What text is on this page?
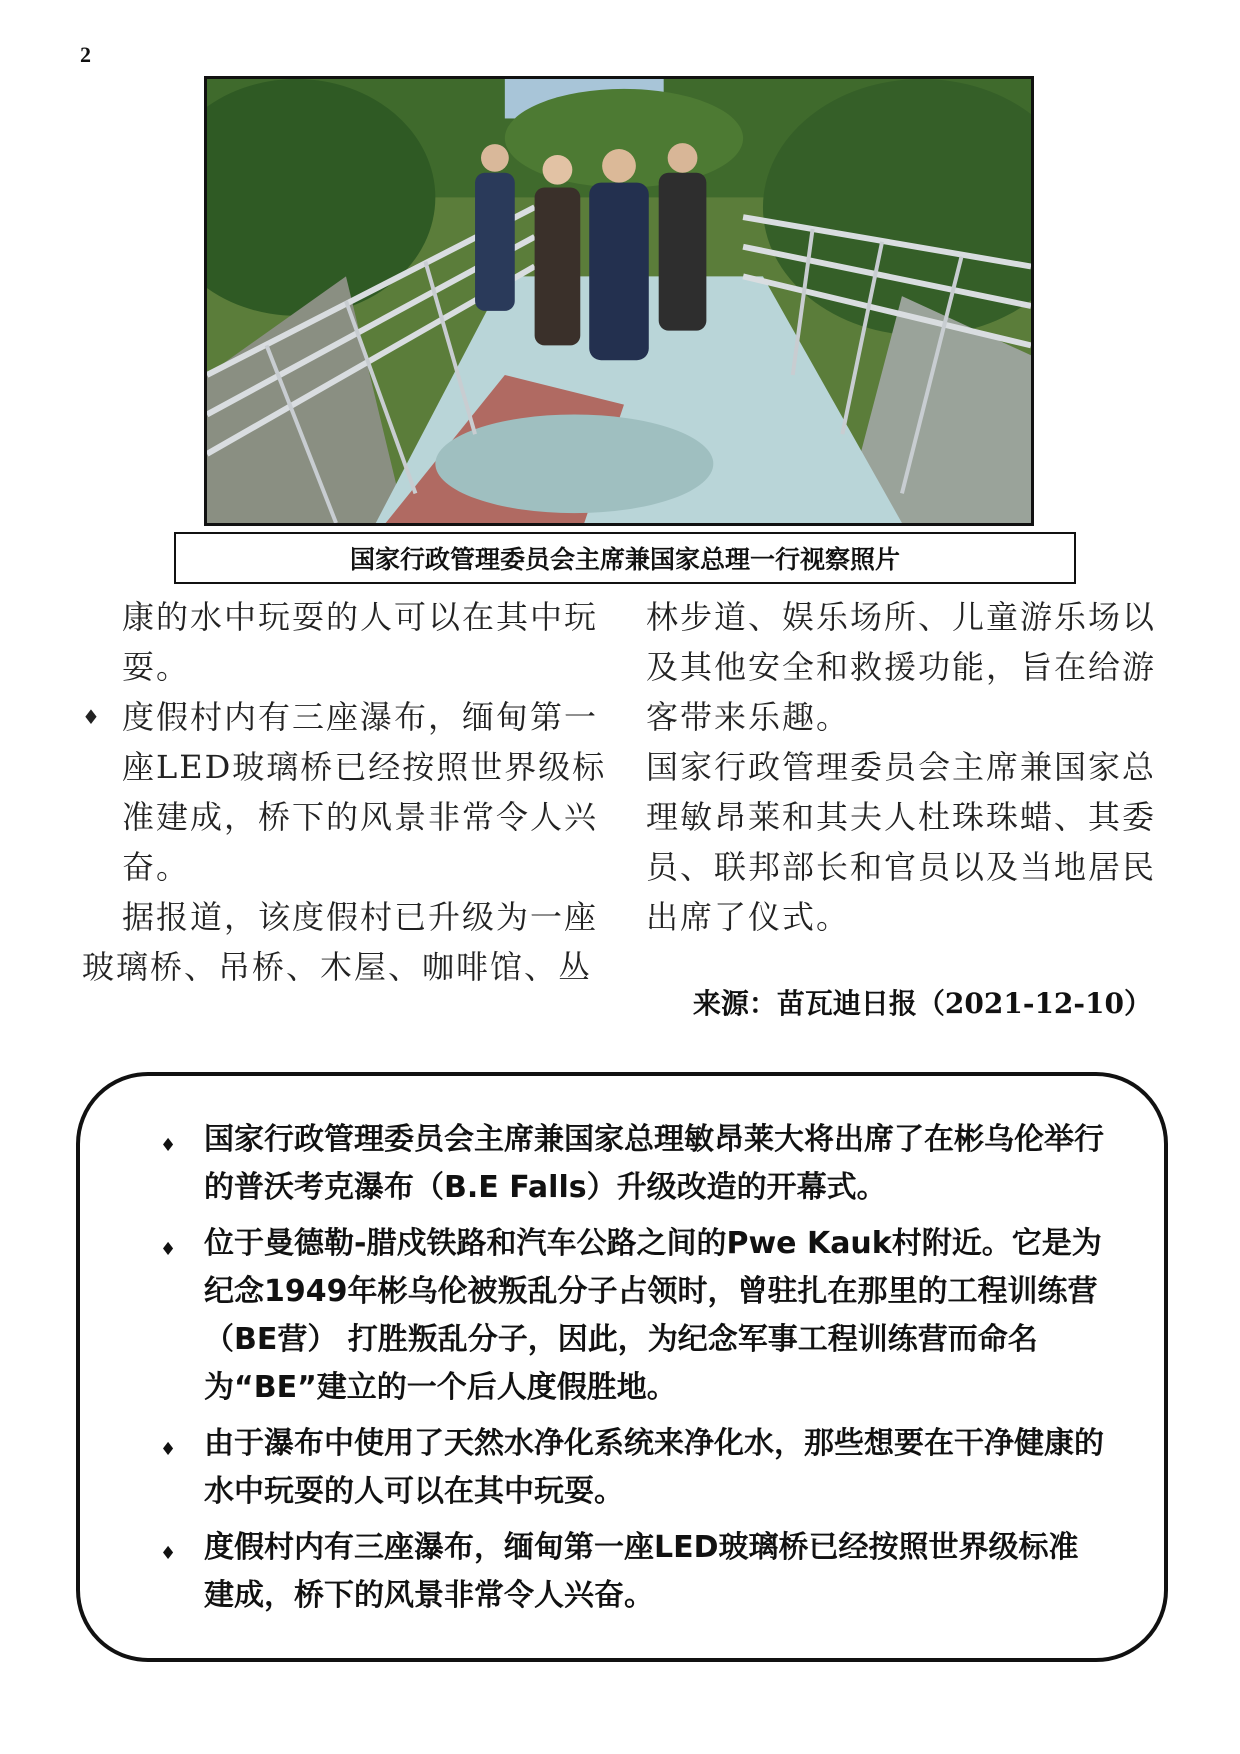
2
国家行政管理委员会主席兼国家总理一行视察照片

康的水中玩耍的人可以在其中玩耍。

♦ 度假村内有三座瀑布，缅甸第一座LED玻璃桥已经按照世界级标准建成，桥下的风景非常令人兴奋。

据报道，该度假村已升级为一座玻璃桥、吊桥、木屋、咖啡馆、丛

林步道、娱乐场所、儿童游乐场以及其他安全和救援功能，旨在给游客带来乐趣。

国家行政管理委员会主席兼国家总理敏昂莱和其夫人杜珠珠蜡、其委员、联邦部长和官员以及当地居民出席了仪式。

来源：苗瓦迪日报（2021-12-10）
♦ 国家行政管理委员会主席兼国家总理敏昂莱大将出席了在彬乌伦举行的普沃考克瀑布（B.E Falls）升级改造的开幕式。
♦ 位于曼德勒-腊戍铁路和汽车公路之间的Pwe Kauk村附近。它是为纪念1949年彬乌伦被叛乱分子占领时，曾驻扎在那里的工程训练营（BE营） 打胜叛乱分子，因此，为纪念军事工程训练营而命名为“BE”建立的一个后人度假胜地。
♦ 由于瀑布中使用了天然水净化系统来净化水，那些想要在干净健康的水中玩耍的人可以在其中玩耍。
♦ 度假村内有三座瀑布，缅甸第一座LED玻璃桥已经按照世界级标准建成，桥下的风景非常令人兴奋。
